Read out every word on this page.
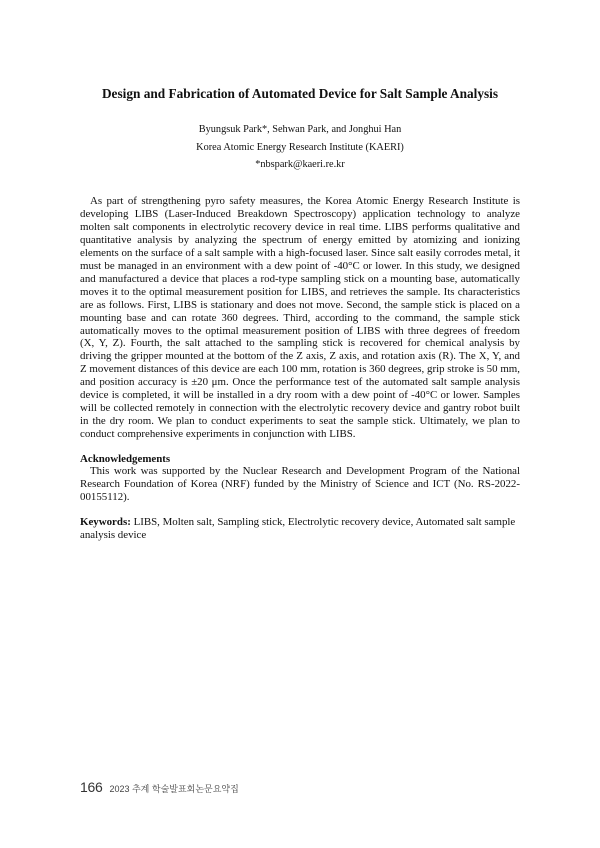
Design and Fabrication of Automated Device for Salt Sample Analysis
Byungsuk Park*, Sehwan Park, and Jonghui Han
Korea Atomic Energy Research Institute (KAERI)
*nbspark@kaeri.re.kr

As part of strengthening pyro safety measures, the Korea Atomic Energy Research Institute is developing LIBS (Laser-Induced Breakdown Spectroscopy) application technology to analyze molten salt components in electrolytic recovery device in real time. LIBS performs qualitative and quantitative analysis by analyzing the spectrum of energy emitted by atomizing and ionizing elements on the surface of a salt sample with a high-focused laser. Since salt easily corrodes metal, it must be managed in an environment with a dew point of -40°C or lower. In this study, we designed and manufactured a device that places a rod-type sampling stick on a mounting base, automatically moves it to the optimal measurement position for LIBS, and retrieves the sample. Its characteristics are as follows. First, LIBS is stationary and does not move. Second, the sample stick is placed on a mounting base and can rotate 360 degrees. Third, according to the command, the sample stick automatically moves to the optimal measurement position of LIBS with three degrees of freedom (X, Y, Z). Fourth, the salt attached to the sampling stick is recovered for chemical analysis by driving the gripper mounted at the bottom of the Z axis, Z axis, and rotation axis (R). The X, Y, and Z movement distances of this device are each 100 mm, rotation is 360 degrees, grip stroke is 50 mm, and position accuracy is ±20 μm. Once the performance test of the automated salt sample analysis device is completed, it will be installed in a dry room with a dew point of -40°C or lower. Samples will be collected remotely in connection with the electrolytic recovery device and gantry robot built in the dry room. We plan to conduct experiments to seat the sample stick. Ultimately, we plan to conduct comprehensive experiments in conjunction with LIBS.

Acknowledgements

This work was supported by the Nuclear Research and Development Program of the National Research Foundation of Korea (NRF) funded by the Ministry of Science and ICT (No. RS-2022-00155112).

Keywords: LIBS, Molten salt, Sampling stick, Electrolytic recovery device, Automated salt sample analysis device

166 2023 추계 학술발표회논문요약집
